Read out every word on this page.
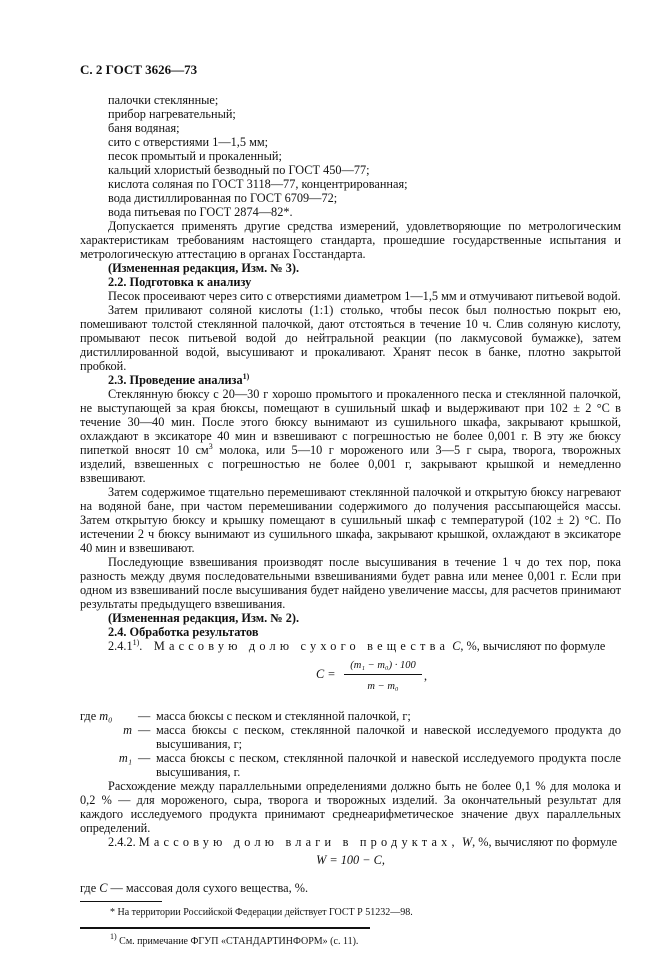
С. 2 ГОСТ 3626—73
палочки стеклянные;
прибор нагревательный;
баня водяная;
сито с отверстиями 1—1,5 мм;
песок промытый и прокаленный;
кальций хлористый безводный по ГОСТ 450—77;
кислота соляная по ГОСТ 3118—77, концентрированная;
вода дистиллированная по ГОСТ 6709—72;
вода питьевая по ГОСТ 2874—82*.

Допускается применять другие средства измерений, удовлетворяющие по метрологическим характеристикам требованиям настоящего стандарта, прошедшие государственные испытания и метрологическую аттестацию в органах Госстандарта.

(Измененная редакция, Изм. № 3).

2.2. Подготовка к анализу

Песок просеивают через сито с отверстиями диаметром 1—1,5 мм и отмучивают питьевой водой.

Затем приливают соляной кислоты (1:1) столько, чтобы песок был полностью покрыт ею, помешивают толстой стеклянной палочкой, дают отстояться в течение 10 ч. Слив соляную кислоту, промывают песок питьевой водой до нейтральной реакции (по лакмусовой бумажке), затем дистиллированной водой, высушивают и прокаливают. Хранят песок в банке, плотно закрытой пробкой.

2.3. Проведение анализа$^{1)}$

Стеклянную бюксу с 20—30 г хорошо промытого и прокаленного песка и стеклянной палочкой, не выступающей за края бюксы, помещают в сушильный шкаф и выдерживают при 102 ± 2 °С в течение 30—40 мин. После этого бюксу вынимают из сушильного шкафа, закрывают крышкой, охлаждают в эксикаторе 40 мин и взвешивают с погрешностью не более 0,001 г. В эту же бюксу пипеткой вносят 10 $см^3$ молока, или 5—10 г мороженого или 3—5 г сыра, творога, творожных изделий, взвешенных с погрешностью не более 0,001 г, закрывают крышкой и немедленно взвешивают.

Затем содержимое тщательно перемешивают стеклянной палочкой и открытую бюксу нагревают на водяной бане, при частом перемешивании содержимого до получения рассыпающейся массы. Затем открытую бюксу и крышку помещают в сушильный шкаф с температурой (102 ± 2) °С. По истечении 2 ч бюксу вынимают из сушильного шкафа, закрывают крышкой, охлаждают в эксикаторе 40 мин и взвешивают.

Последующие взвешивания производят после высушивания в течение 1 ч до тех пор, пока разность между двумя последовательными взвешиваниями будет равна или менее 0,001 г. Если при одном из взвешиваний после высушивания будет найдено увеличение массы, для расчетов принимают результаты предыдущего взвешивания.

(Измененная редакция, Изм. № 2).

2.4. Обработка результатов

2.4.1$^{1)}$. Массовую долю сухого вещества C, %, вычисляют по формуле

$C = \frac{\text{(m₁ − m₀) · 100}}{\text{m − m₀}}$ ,
где m₀	— масса бюксы с песком и стеклянной палочкой, г;
m — масса бюксы с песком, стеклянной палочкой и навеской исследуемого продукта до высушивания, г;
m₁ — масса бюксы с песком, стеклянной палочкой и навеской исследуемого продукта после высушивания, г.

Расхождение между параллельными определениями должно быть не более 0,1 % для молока и 0,2 % — для мороженого, сыра, творога и творожных изделий. За окончательный результат для каждого исследуемого продукта принимают среднеарифметическое значение двух параллельных определений.

2.4.2. Массовую долю влаги в продуктах, W, %, вычисляют по формуле

W = 100 − C,
где C — массовая доля сухого вещества, %.
* На территории Российской Федерации действует ГОСТ Р 51232—98.
$^{1)}$ См. примечание ФГУП «СТАНДАРТИНФОРМ» (с. 11).
